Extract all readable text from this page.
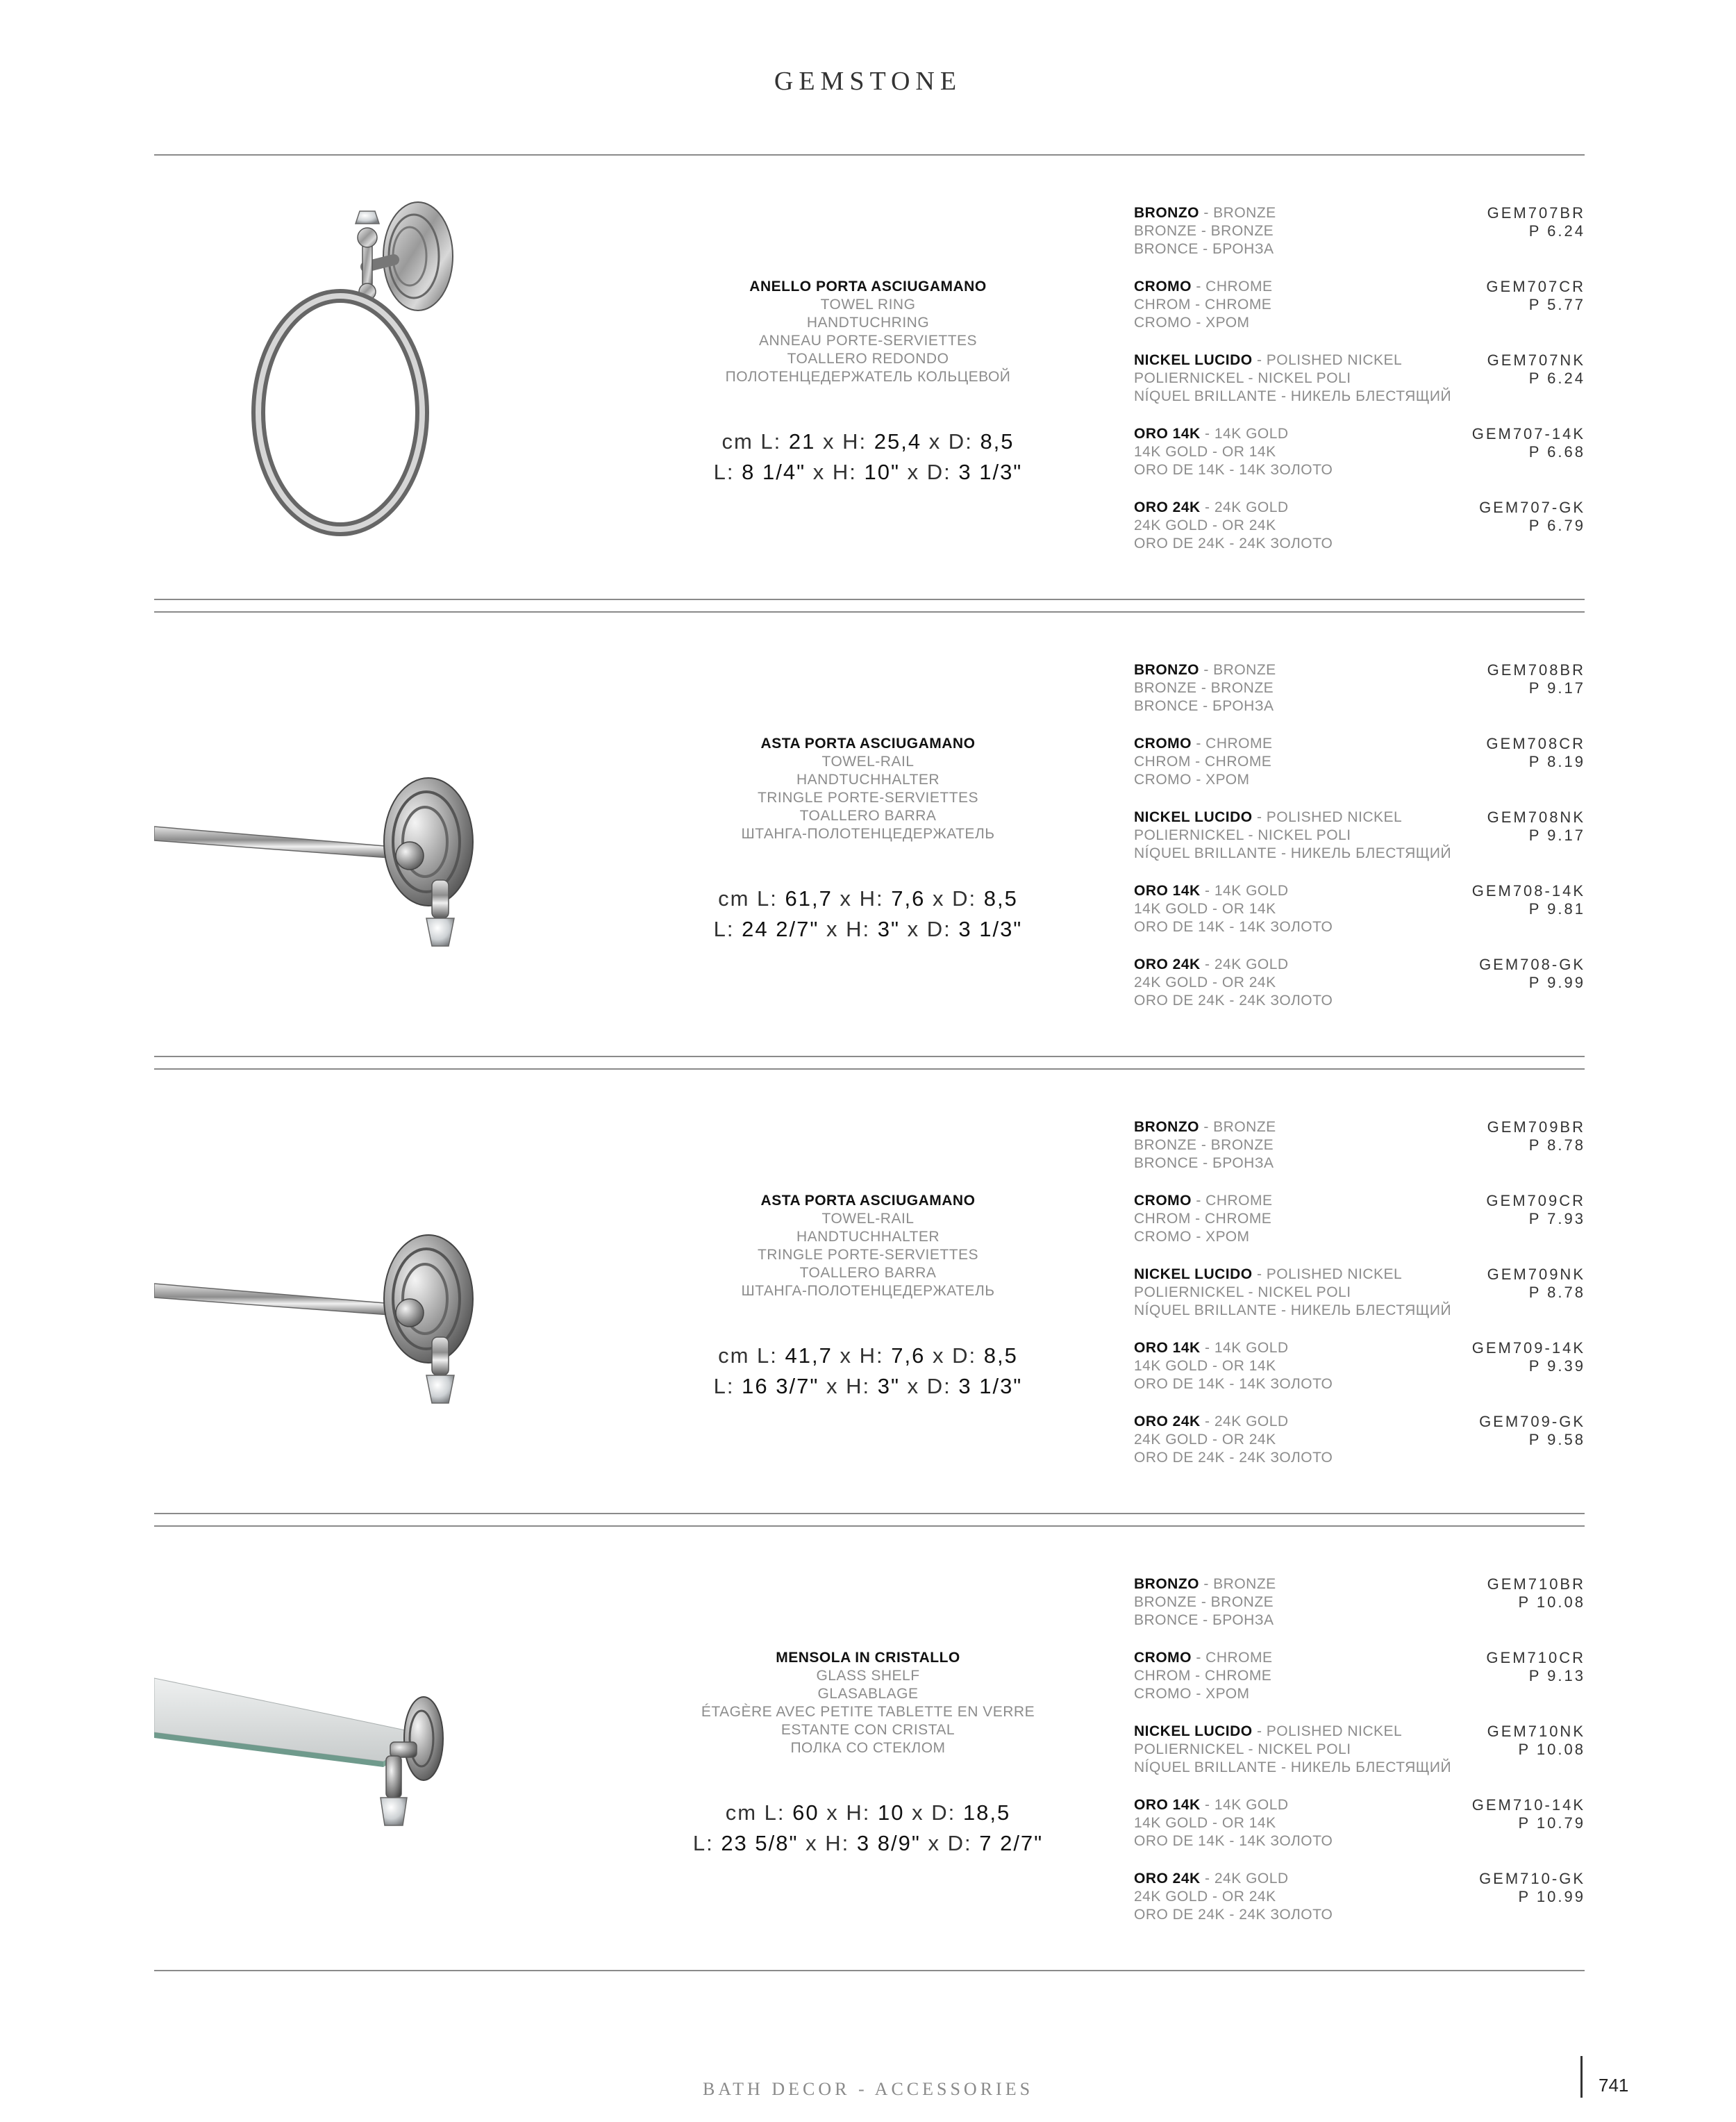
GEMSTONE
ANELLO PORTA ASCIUGAMANO
TOWEL RING
HANDTUCHRING
ANNEAU PORTE-SERVIETTES
TOALLERO REDONDO
ПОЛОТЕНЦЕДЕРЖАТЕЛЬ КОЛЬЦЕВОЙ
cm L: 21 x H: 25,4 x D: 8,5
L: 8 1/4" x H: 10" x D: 3 1/3"
BRONZO - BRONZE
BRONZE - BRONZE
BRONCE - БРОНЗА
GEM707BR
P 6.24
CROMO - CHROME
CHROM - CHROME
CROMO - ХРОМ
GEM707CR
P 5.77
NICKEL LUCIDO - POLISHED NICKEL
POLIERNICKEL - NICKEL POLI
NÍQUEL BRILLANTE - НИКЕЛЬ БЛЕСТЯЩИЙ
GEM707NK
P 6.24
ORO 14K - 14K GOLD
14K GOLD - OR 14K
ORO DE 14K - 14K ЗОЛОТО
GEM707-14K
P 6.68
ORO 24K - 24K GOLD
24K GOLD - OR 24K
ORO DE 24K - 24K ЗОЛОТО
GEM707-GK
P 6.79
ASTA PORTA ASCIUGAMANO
TOWEL-RAIL
HANDTUCHHALTER
TRINGLE PORTE-SERVIETTES
TOALLERO BARRA
ШТАНГА-ПОЛОТЕНЦЕДЕРЖАТЕЛЬ
cm L: 61,7 x H: 7,6 x D: 8,5
L: 24 2/7" x H: 3" x D: 3 1/3"
BRONZO - BRONZE
BRONZE - BRONZE
BRONCE - БРОНЗА
GEM708BR
P 9.17
CROMO - CHROME
CHROM - CHROME
CROMO - ХРОМ
GEM708CR
P 8.19
NICKEL LUCIDO - POLISHED NICKEL
POLIERNICKEL - NICKEL POLI
NÍQUEL BRILLANTE - НИКЕЛЬ БЛЕСТЯЩИЙ
GEM708NK
P 9.17
ORO 14K - 14K GOLD
14K GOLD - OR 14K
ORO DE 14K - 14K ЗОЛОТО
GEM708-14K
P 9.81
ORO 24K - 24K GOLD
24K GOLD - OR 24K
ORO DE 24K - 24K ЗОЛОТО
GEM708-GK
P 9.99
ASTA PORTA ASCIUGAMANO
TOWEL-RAIL
HANDTUCHHALTER
TRINGLE PORTE-SERVIETTES
TOALLERO BARRA
ШТАНГА-ПОЛОТЕНЦЕДЕРЖАТЕЛЬ
cm L: 41,7 x H: 7,6 x D: 8,5
L: 16 3/7" x H: 3" x D: 3 1/3"
BRONZO - BRONZE
BRONZE - BRONZE
BRONCE - БРОНЗА
GEM709BR
P 8.78
CROMO - CHROME
CHROM - CHROME
CROMO - ХРОМ
GEM709CR
P 7.93
NICKEL LUCIDO - POLISHED NICKEL
POLIERNICKEL - NICKEL POLI
NÍQUEL BRILLANTE - НИКЕЛЬ БЛЕСТЯЩИЙ
GEM709NK
P 8.78
ORO 14K - 14K GOLD
14K GOLD - OR 14K
ORO DE 14K - 14K ЗОЛОТО
GEM709-14K
P 9.39
ORO 24K - 24K GOLD
24K GOLD - OR 24K
ORO DE 24K - 24K ЗОЛОТО
GEM709-GK
P 9.58
MENSOLA IN CRISTALLO
GLASS SHELF
GLASABLAGE
ÉTAGÈRE AVEC PETITE TABLETTE EN VERRE
ESTANTE CON CRISTAL
ПОЛКА СО СТЕКЛОМ
cm L: 60 x H: 10 x D: 18,5
L: 23 5/8" x H: 3 8/9" x D: 7 2/7"
BRONZO - BRONZE
BRONZE - BRONZE
BRONCE - БРОНЗА
GEM710BR
P 10.08
CROMO - CHROME
CHROM - CHROME
CROMO - ХРОМ
GEM710CR
P 9.13
NICKEL LUCIDO - POLISHED NICKEL
POLIERNICKEL - NICKEL POLI
NÍQUEL BRILLANTE - НИКЕЛЬ БЛЕСТЯЩИЙ
GEM710NK
P 10.08
ORO 14K - 14K GOLD
14K GOLD - OR 14K
ORO DE 14K - 14K ЗОЛОТО
GEM710-14K
P 10.79
ORO 24K - 24K GOLD
24K GOLD - OR 24K
ORO DE 24K - 24K ЗОЛОТО
GEM710-GK
P 10.99
BATH DECOR - ACCESSORIES	741
